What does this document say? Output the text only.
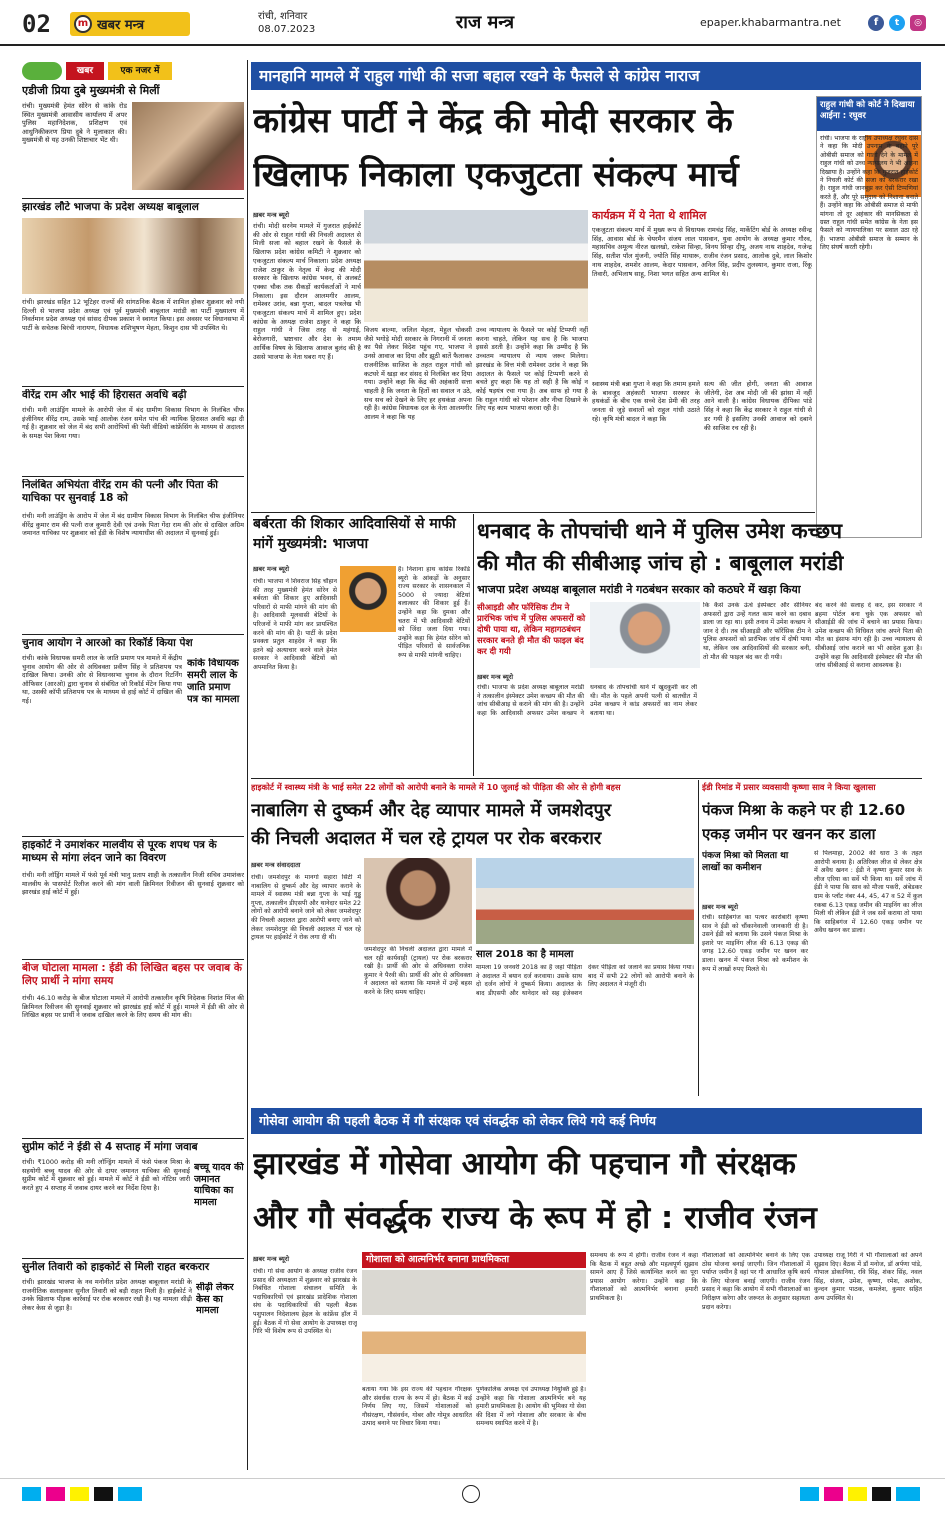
02	m खबर मन्त्र
रांची, शनिवार
08.07.2023	राज मन्त्र	epaper.khabarmantra.net	f	t	◎
खबर	एक नजर में
एडीजी प्रिया दुबे मुख्यमंत्री से मिलीं
रांची। मुख्यमंत्री हेमंत सोरेन से कांके रोड स्थित मुख्यमंत्री आवासीय कार्यालय में अपर पुलिस महानिदेशक, प्रशिक्षण एवं आधुनिकीकरण प्रिया दुबे ने मुलाकात की। मुख्यमंत्री से यह उनकी शिष्टाचार भेंट थी।
झारखंड लौटे भाजपा के प्रदेश अध्यक्ष बाबूलाल
रांची। झारखंड सहित 12 भूटिहर राज्यों की सांगठनिक बैठक में शामिल होकर शुक्रवार को नयी दिल्ली से भाजपा प्रदेश अध्यक्ष एवं पूर्व मुख्यमंत्री बाबूलाल मरांडी का पार्टी मुख्यालय में निवर्तमान प्रदेश अध्यक्ष एवं सांसद दीपक प्रकाश ने स्वागत किया। इस अवसर पर विधानसभा में पार्टी के सचेतक बिरंची नारायण, विधायक शशिभूषण मेहता, किशुन दास भी उपस्थित थे।
वीरेंद्र राम और भाई की हिरासत अवधि बढ़ी
रांची। मनी लाउंड्रिंग मामले के आरोपी जेल में बंद ग्रामीण विकास विभाग के निलंबित चीफ इंजीनियर वीरेंद्र राम, उसके भाई आलोक रंजन समेत पांच की न्यायिक हिरासत अवधि बढ़ा दी गई है। शुक्रवार को जेल में बंद सभी आरोपियों की पेशी वीडियो कांफ्रेंसिंग के माध्यम से अदालत के समक्ष पेश किया गया।
निलंबित अभियंता वीरेंद्र राम की पत्नी और पिता की याचिका पर सुनवाई 18 को
रांची। मनी लाउंड्रिंग के आरोप में जेल में बंद ग्रामीण विकास विभाग के निलंबित चीफ इंजीनियर वीरेंद्र कुमार राम की पत्नी राज कुमारी देवी एवं उनके पिता गेंदा राम की ओर से दाखिल अग्रिम जमानत याचिका पर शुक्रवार को ईडी के विशेष न्यायाधीश की अदालत में सुनवाई हुई।
चुनाव आयोग ने आरओ का रिकॉर्ड किया पेश
रांची। कांके विधायक समरी लाल के जाति प्रमाण पत्र मामले में केंद्रीय चुनाव आयोग की ओर से अधिवक्ता प्रवीण सिंह ने प्रतिशपथ पत्र दाखिल किया। उनकी ओर से विधानसभा चुनाव के दौरान रिटर्निंग ऑफिसर (आरओ) द्वारा चुनाव से संबंधित जो रिकॉर्ड मेंटेन किया गया था, उसकी कॉपी प्रतिशपथ पत्र के माध्यम से हाई कोर्ट में दाखिल की गई।
कांके विधायक समरी लाल के जाति प्रमाण पत्र का मामला
हाइकोर्ट ने उमाशंकर मालवीय से पूरक शपथ पत्र के माध्यम से मांगा लंदन जाने का विवरण
रांची। मनी लॉड्रिंग मामले में फंसे पूर्व मंत्री भानु प्रताप शाही के तत्कालीन निजी सचिव उमाशंकर मालवीय के पासपोर्ट रिलीज करने की मांग वाली क्रिमिनल रिवीजन की सुनवाई शुक्रवार को झारखंड हाई कोर्ट में हुई।
बीज घोटाला मामला : ईडी की लिखित बहस पर जवाब के लिए प्रार्थी ने मांगा समय
रांची। 46.10 करोड़ के बीज घोटाला मामले में आरोपी तत्कालीन कृषि निदेशक निशांत मिंज की क्रिमिनल रिवीजन की सुनवाई शुक्रवार को झारखंड हाई कोर्ट में हुई। मामले में ईडी की ओर से लिखित बहस पर प्रार्थी ने जवाब दाखिल करने के लिए समय की मांग की।
सुप्रीम कोर्ट ने ईडी से 4 सप्ताह में मांगा जवाब
रांची। ₹1000 करोड़ की मनी लॉन्ड्रिंग मामले में फंसे पंकज मिश्रा के सहयोगी बच्चू यादव की ओर से दायर जमानत याचिका की सुनवाई सुप्रीम कोर्ट में शुक्रवार को हुई। मामले में कोर्ट ने ईडी को नोटिस जारी करते हुए 4 सप्ताह में जवाब दायर करने का निर्देश दिया है।
बच्चू यादव की जमानत याचिका का मामला
सुनील तिवारी को हाइकोर्ट से मिली राहत बरकरार
रांची। झारखंड भाजपा के नव मनोनीत प्रदेश अध्यक्ष बाबूलाल मरांडी के राजनीतिक सलाहकार सुनील तिवारी को बड़ी राहत मिली है। हाईकोर्ट ने उनके खिलाफ पीड़क कार्रवाई पर रोक बरकरार रखी है। यह मामला सीढ़ी लेकर केस से जुड़ा है।
सीढ़ी लेकर केस का मामला
मानहानि मामले में राहुल गांधी की सजा बहाल रखने के फैसले से कांग्रेस नाराज
कांग्रेस पार्टी ने केंद्र की मोदी सरकार के
खिलाफ निकाला एकजुटता संकल्प मार्च
राहुल गांधी को कोर्ट ने दिखाया आईना : रघुवर
रांची। भाजपा के राष्ट्रीय उपाध्यक्ष रघुवर दास ने कहा कि मोदी उपनाम के बहाने पूरे ओबीसी समाज को गाली देने के मामले में राहुल गांधी को उच्च न्यायालय ने भी आइना दिखाया है। उन्होंने कहा कि गुजरात हाईकोर्ट ने निचली कोर्ट की सजा को बरकरार रखा है। राहुल गांधी जानबूझ कर ऐसी टिप्पणियां करते हैं, और पूरे समुदाय को निशाना बनाते हैं। उन्होंने कहा कि ओबीसी समाज से माफी मांगना तो दूर अहंकार की मानसिकता से ग्रस्त राहुल गांधी समेत कांग्रेस के नेता इस फैसले को न्यायपालिका पर सवाल उठा रहे हैं। भाजपा ओबीसी समाज के सम्मान के लिए संघर्ष करती रहेगी।
ख़बर मन्त्र ब्यूरो
रांची। मोदी सरनेम मामले में गुजरात हाईकोर्ट की ओर से राहुल गांधी की निचली अदालत से मिली सजा को बहाल रखने के फैसले के खिलाफ प्रदेश कांग्रेस कमिटी ने शुक्रवार को एकजुटता संकल्प मार्च निकाला। प्रदेश अध्यक्ष राजेश ठाकुर के नेतृत्व में केन्द्र की मोदी सरकार के खिलाफ कांग्रेस भवन, से अलबर्ट एक्का चौक तक सैकड़ों कार्यकर्ताओं ने मार्च निकाला। इस दौरान आलमगीर आलम, रामेश्वर उरांव, बन्ना गुप्ता, बादल पत्रलेख भी एकजुटता संकल्प मार्च में शामिल हुए। प्रदेश कांग्रेस के अध्यक्ष राजेश ठाकुर ने कहा कि राहुल गांधी ने जिस तरह से महंगाई, बेरोजगारी, भ्रष्टाचार और देश के तमाम आर्थिक विषय के खिलाफ आवाज बुलंद की है उससे भाजपा के नेता घबरा गए हैं।
विजय बाल्मा, जलिल मेहता, मेहुल चोकसी जैसे भगोड़े मोदी सरकार के निगरानी में जनता का पैसे लेकर विदेश पहुंच गए, भाजपा ने उनसे आवाज का दिया और झूठी बातें फैलाकर राजनीतिक साजिश के तहत राहुल गांधी को कटघरे में खड़ा कर संसद से निलंबित कर दिया गया। उन्होंने कहा कि केंद्र की अहंकारी सत्ता चाहती है कि जनता के हितों का सवाल न उठे, सच सच को देखने के लिए हर हथकंडा अपना रही है। कांग्रेस विधायक दल के नेता आलमगीर आलम ने कहा कि यह
उच्च न्यायालय के फैसले पर कोई टिप्पणी नहीं करना चाहते, लेकिन यह सच है कि भाजपा इससे डरती है। उन्होंने कहा कि उम्मीद है कि उच्चतम न्यायालय से न्याय जरूर मिलेगा। झारखंड के वित्त मंत्री रामेश्वर उरांव ने कहा कि अदालत के फैसले पर कोई टिप्पणी करने से बचते हुए कहा कि यह तो सही है कि कोई न कोई षड़यंत्र रचा गया है। अब साफ हो गया है कि राहुल गांधी को परेशान और नीचा दिखाने के लिए यह काम भाजपा करवा रही है।
कार्यक्रम में ये नेता थे शामिल
एकजुटता संकल्प मार्च में मुख्य रूप से विधायक रामचंद्र सिंह, मार्केटिंग बोर्ड के अध्यक्ष रवीन्द्र सिंह, आवास बोर्ड के चेयरमैन संजय लाल पासवान, युवा आयोग के अध्यक्ष कुमार गौरव, महासचिव अमूल्य नीरज खलखो, राकेश सिन्हा, विनय सिन्हा दीपू, अजय नाथ शाहदेव, गजेन्द्र सिंह, सतीश पॉल मुंजनी, ज्योति सिंह माथारू, राजीव रंजन प्रसाद, आलोक दुबे, लाल किशोर नाथ शाहदेव, शमशेर आलम, केदार पासवान, अनिल सिंह, प्रदीप तुलस्यान, कुमार राजा, रिंकू तिवारी, अभिलाष साहू, निशा भगत सहित अन्य शामिल थे।
स्वास्थ्य मंत्री बन्ना गुप्ता ने कहा कि तमाम हमले के बावजूद अहंकारी भाजपा सरकार के हथकंडों के बीच एक सच्चे देश प्रेमी की तरह जनता से जुड़े सवालों को राहुल गांधी उठाते रहे। कृषि मंत्री बादल ने कहा कि
सत्य की जीत होगी, जनता की आवाज जीतेगी, देश अब मोदी जी की झांसा में नहीं आने वाली है। कांग्रेस विधायक दीपिका पांडे सिंह ने कहा कि केंद्र सरकार ने राहुल गांधी से डर गयी है इसलिए उनकी आवाज को दबाने की साजिश रच रही है।
बर्बरता की शिकार आदिवासियों से माफी मांगें मुख्यमंत्री: भाजपा
ख़बर मन्त्र ब्यूरो
रांची। भाजपा ने शिवराज सिंह चौहान की तरह मुख्यमंत्री हेमंत सोरेन से बर्बरता की शिकार हुए आदिवासी परिवारों से माफी मांगने की मांग की है। आदिवासी मूलवासी बेटियों के परिजनों ने माफी मांग कर प्रायश्चित करने की मांग की है। पार्टी के प्रदेश प्रवक्ता प्रतुल शाहदेव ने कहा कि इतने बड़े अत्याचार करने वाले हेमंत सरकार ने आदिवासी बेटियों को अपमानित किया है।
है। निशाना हाथ कांग्रेस रिकॉर्ड ब्यूरो के आंकड़ों के अनुसार राज्य सरकार के शासनकाल में 5000 से ज्यादा बेटियां बलात्कार की शिकार हुई हैं। उन्होंने कहा कि दुमका और चतरा में भी आदिवासी बेटियों को जिंदा जला दिया गया। उन्होंने कहा कि हेमंत सोरेन को पीड़ित परिवारों से सार्वजनिक रूप से माफी मांगनी चाहिए।
धनबाद के तोपचांची थाने में पुलिस उमेश कच्छप
की मौत की सीबीआइ जांच हो : बाबूलाल मरांडी
भाजपा प्रदेश अध्यक्ष बाबूलाल मरांडी ने गठबंधन सरकार को कठघरे में खड़ा किया
सीआइडी और फॉरेंसिक टीम ने प्रारंभिक जांच में पुलिस अफसरों को दोषी पाया था, लेकिन महागठबंधन सरकार बनते ही मौत की फाइल बंद कर दी गयी
ख़बर मन्त्र ब्यूरो
रांची। भाजपा के प्रदेश अध्यक्ष बाबूलाल मरांडी ने तत्कालीन इंस्पेक्टर उमेश कच्छप की मौत की जांच सीबीआइ से कराने की मांग की है। उन्होंने कहा कि आदिवासी अफसर उमेश कच्छप ने धनबाद के तोपचांची थाने में खुदकुशी कर ली थी। मौत के पहले अपनी पत्नी से बातचीत में उमेश कच्छप ने कांड अफसरों का नाम लेकर बताया था।
कि कैसे उनके ऊंचे इंस्पेक्टर और सीनियर अफसरों द्वारा उन्हें गलत काम करने का दबाव डाला जा रहा था। इसी तनाव में उमेश कच्छप ने जान दे दी। तब सीआइडी और फॉरेंसिक टीम ने पुलिस अफसरों को प्रारंभिक जांच में दोषी पाया था, लेकिन जब आदिवासियों की सरकार बनी, तो मौत की फाइल बंद कर दी गयी।
बंद करने की सलाह दे कर, इस सरकार ने ब्रहमा पोर्टल बना चुके एक अफसर को सीआईडी की जांच में बचाने का प्रयास किया। उमेश कच्छप की विधिवत जांच अपने पिता की मौत का इंसाफ मांग रही है। उच्च न्यायालय से सीबीआई जांच कराने का भी आदेश हुआ है। उन्होंने कहा कि आदिवासी इंस्पेक्टर की मौत की जांच सीबीआई से कराना आवश्यक है।
हाइकोर्ट में स्वास्थ्य मंत्री के भाई समेत 22 लोगों को आरोपी बनाने के मामले में 10 जुलाई को पीड़िता की ओर से होगी बहस
नाबालिग से दुष्कर्म और देह व्यापार मामले में जमशेदपुर
की निचली अदालत में चल रहे ट्रायल पर रोक बरकरार
ख़बर मन्त्र संवाददाता
रांची। जमशेदपुर के मानगो सहारा सिटी में नाबालिग से दुष्कर्म और देह व्यापार कराने के मामले में स्वास्थ्य मंत्री बन्ना गुप्ता के भाई गुड्डू गुप्ता, तत्कालीन डीएसपी और थानेदार समेत 22 लोगों को आरोपी बनाने जाने को लेकर जमशेदपुर की निचली अदालत द्वारा आरोपी बनाए जाने को लेकर जमशेदपुर की निचली अदालत में चल रहे ट्रायल पर हाईकोर्ट ने रोक लगा दी थी।
साल 2018 का है मामला
जमशेदपुर की निचली अदालत द्वारा मामले में चल रही कार्यवाही (ट्रायल) पर रोक बरकरार रखी है। प्रार्थी की ओर से अधिवक्ता राजेश कुमार ने पैरवी की। प्रार्थी की ओर से अधिवक्ता ने अदालत को बताया कि मामले में उन्हें बहस करने के लिए समय चाहिए।
मामला 19 जनवरी 2018 का है जहां पीड़िता ने अदालत में बयान दर्ज करवाया। उसके साथ दो दर्जन लोगों ने दुष्कर्म किया। अदालत के बाद डीएसपी और थानेदार को सह इंजेक्शन देकर पीड़िता को जलाने का प्रयास किया गया। बाद में सभी 22 लोगों को आरोपी बनाने के लिए अदालत ने मंजूरी दी।
ईडी रिमांड में प्रसार व्यवसायी कृष्णा साव ने किया खुलासा
पंकज मिश्रा के कहने पर ही 12.60
एकड़ जमीन पर खनन कर डाला
पंकज मिश्रा को मिलता था लाखों का कमीशन
ख़बर मन्त्र ब्यूरो
रांची। साहिबगंज का पत्थर कारोबारी कृष्णा साव ने ईडी को चौंकानेवाली जानकारी दी है। उसने ईडी को बताया कि उसने पंकज मिश्रा के इशारे पर माइनिंग लीज की 6.13 एकड़ की जगह 12.60 एकड़ जमीन पर खनन कर डाला। खनन में पंकज मिश्रा को कमीशन के रूप में लाखों रुपए मिलते थे।
से पिलमाहा, 2002 की धारा 3 के तहत आरोपी बनाया है। अतिरिक्त लीज से लेकर क्षेत्र में अवैध खनन : ईडी ने कृष्णा कुमार साव के लीज एरिया का सर्वे भी किया था। सर्वे जांच में ईडी ने पाया कि साव को मौजा पकरी, अंबेडकर ग्राम के प्लॉट नंबर 44, 45, 47 व 52 में कुल रकबा 6.13 एकड़ जमीन की माइनिंग का लीज मिली थी लेकिन ईडी ने जब सर्वे कराया तो पाया कि साहिबगंज में 12.60 एकड़ जमीन पर अवैध खनन कर डाला।
गोसेवा आयोग की पहली बैठक में गौ संरक्षक एवं संवर्द्धक को लेकर लिये गये कई निर्णय
झारखंड में गोसेवा आयोग की पहचान गौ संरक्षक
और गौ संवर्द्धक राज्य के रूप में हो : राजीव रंजन
ख़बर मन्त्र ब्यूरो
रांची। गो सेवा आयोग के अध्यक्ष राजीव रंजन प्रसाद की अध्यक्षता में शुक्रवार को झारखंड के निबंधित गोशाला संचालन समिति के पदाधिकारियों एवं झारखंड प्रादेशिक गोशाला संघ के पदाधिकारियों की पहली बैठक पशुपालन निदेशालय हेहल के कांफ्रेंस हॉल में हुई। बैठक में गो सेवा आयोग के उपाध्यक्ष राजू गिरि भी विशेष रूप से उपस्थित थे।
गोशाला को आत्मनिर्भर बनाना प्राथमिकता
बताया गया कि इस राज्य की पहचान गौरक्षक और संवर्धक राज्य के रूप में हो। बैठक में कई निर्णय लिए गए, जिसमें गोशालाओं को गौसंरक्षण, गौसंवर्धन, गोबर और गोमूत्र आधारित उत्पाद बनाने पर विचार किया गया।
पूर्णकालिक अध्यक्ष एवं उपाध्यक्ष नियुक्ति हुई है। उन्होंने कहा कि गोशाला आत्मनिर्भर बने यह हमारी प्राथमिकता है। आयोग की भूमिका गो सेवा की दिशा में लगे गोशाला और सरकार के बीच समन्वय स्थापित करने में है।
समन्वय के रूप में होगी। राजीव रंजन ने कहा कि बैठक में बहुत अच्छे और महत्वपूर्ण सुझाव सामने आए हैं जिसे कार्यान्वित करने का पूरा प्रयास आयोग करेगा। उन्होंने कहा कि गौशालाओं को आत्मनिर्भर बनाना हमारी प्राथमिकता है।
गौशालाओं को आत्मनिर्भर बनाने के लिए एक ठोस योजना बनाई जाएगी। जिन गौशालाओं में पर्याप्त जमीन है वहां पर गौ आधारित कृषि कार्य के लिए योजना बनाई जाएगी। राजीव रंजन प्रसाद ने कहा कि आयोग में सभी गौशालाओं का निरीक्षण करेगा और जरूरत के अनुसार सहायता प्रदान करेगा।
उपाध्यक्ष राजू गिरी ने भी गौशालाओं को अपने सुझाव दिए। बैठक में डॉ मनोज, डॉ अर्पणा पांडे, गोपाल डोकानिया, रवि सिंह, शंकर सिंह, नवल सिंह, संजय, उमेश, कृष्णा, रमेश, अशोक, कुन्दन कुमार पाठक, कमलेश, कुमार सहित अन्य उपस्थित थे।
